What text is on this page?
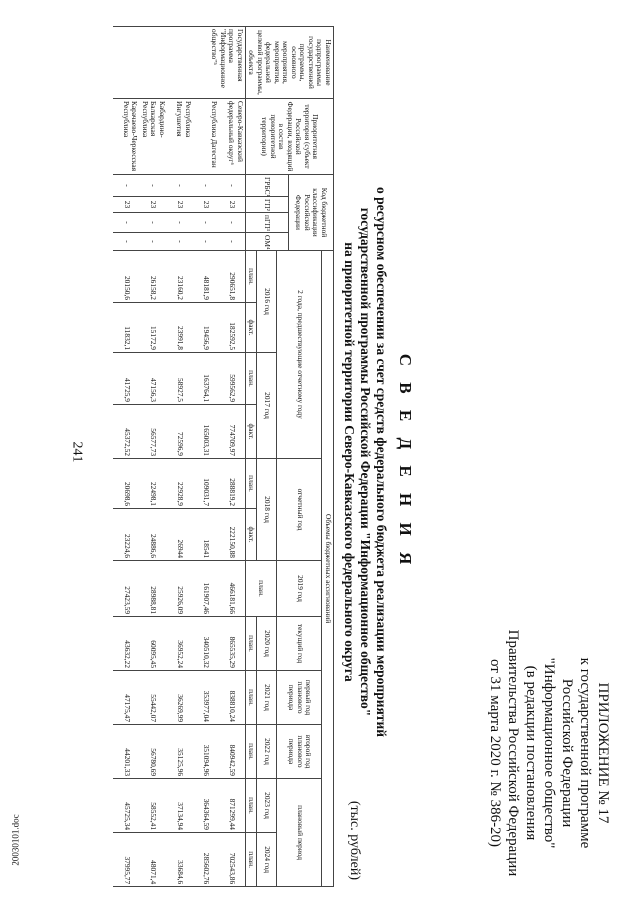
241
20030101.doc
ПРИЛОЖЕНИЕ № 17
к государственной программе
Российской Федерации
"Информационное общество"
(в редакции постановления
Правительства Российской Федерации
от 31 марта 2020 г. № 386-20)
С В Е Д Е Н И Я
о ресурсном обеспечении за счет средств федерального бюджета реализации мероприятий
государственной программы Российской Федерации "Информационное общество"
на приоритетной территории Северо-Кавказского федерального округа
(тыс. рублей)
Наименование подпрограммы государственной программы, основного мероприятия, мероприятия, федеральной целевой программы, объекта	Приоритетная территория (субъект Российской Федерации, входящий в состав приоритетной территории)	Код бюджетной классификации Российской Федерации				Объемы бюджетных ассигнований											
						2 года, предшествующие отчетному году				отчетный год		2019 год	текущий год	первый год планового периода	второй год планового периода	плановый период	
		ГРБС¹	ГП²	пГП³	ОМ⁴												
						2016 год		2017 год		2018 год		план.	2020 год	2021 год	2022 год	2023 год	2024 год
						план.	факт.	план.	факт.	план.	факт.		план.	план.	план.	план.	план.
Государственная программа "Информационное общество"⁵	Северо-Кавказский федеральный округ⁶	-	23	-	-	290651,8	182592,5	599562,9	774709,97	288819,2	222150,88	466181,66	865535,29	838810,24	840942,59	871299,44	702543,86
	Республика Дагестан	-	23	-	-	48181,9	19456,9	163764,1	165003,31	109031,7	18541	161907,46	340510,32	353977,04	351094,96	364364,59	285602,76
	Республика Ингушетия	-	23	-	-	23160,2	23991,8	58927,5	72596,9	22928,9	26944	25926,09	36952,24	36269,99	35125,96	37134,94	33684,6
	Кабардино-Балкарская Республика	-	23	-	-	26158,2	15172,9	47156,3	56577,73	22498,1	24886,6	28988,81	60095,45	55442,07	56780,69	58552,41	48071,4
	Карачаево-Черкесская Республика	-	23	-	-	20150,6	11832,1	41725,9	45372,52	20698,6	23224,6	27423,59	43632,22	47175,47	44201,33	45725,34	37995,77
